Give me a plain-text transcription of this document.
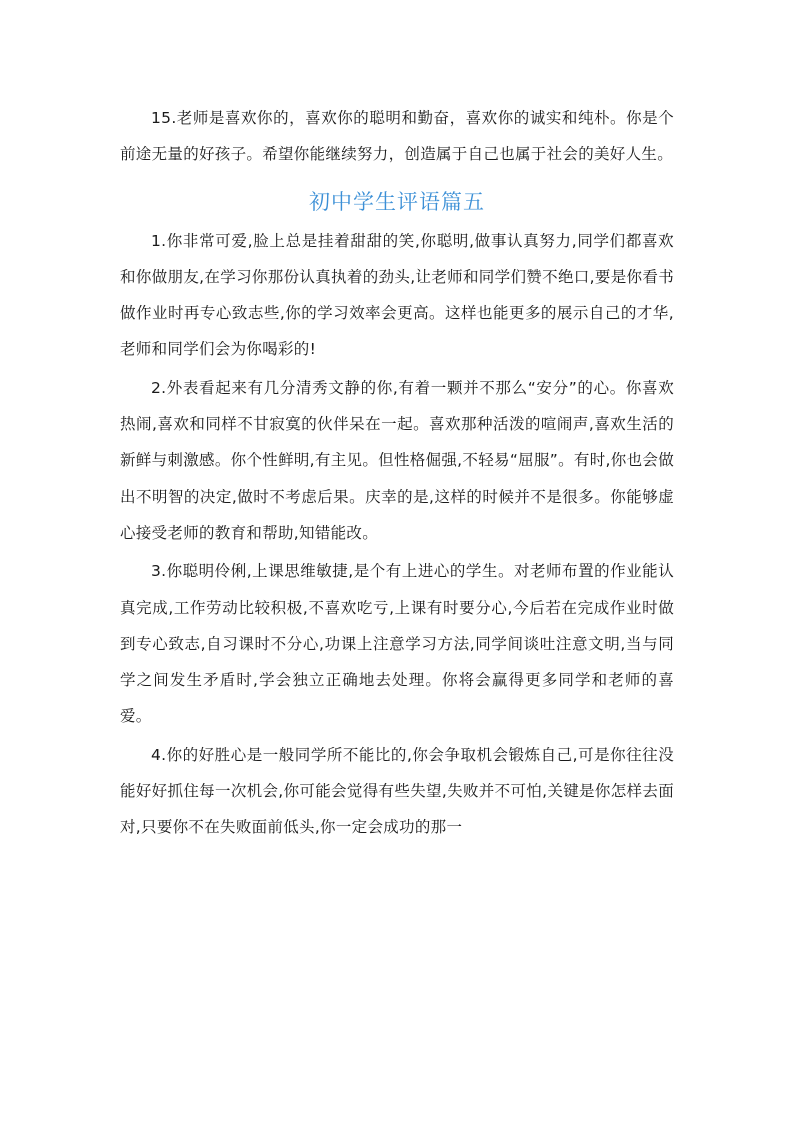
15.老师是喜欢你的，喜欢你的聪明和勤奋，喜欢你的诚实和纯朴。你是个前途无量的好孩子。希望你能继续努力，创造属于自己也属于社会的美好人生。

初中学生评语篇五

1.你非常可爱,脸上总是挂着甜甜的笑,你聪明,做事认真努力,同学们都喜欢和你做朋友,在学习你那份认真执着的劲头,让老师和同学们赞不绝口,要是你看书做作业时再专心致志些,你的学习效率会更高。这样也能更多的展示自己的才华,老师和同学们会为你喝彩的!

2.外表看起来有几分清秀文静的你,有着一颗并不那么“安分”的心。你喜欢热闹,喜欢和同样不甘寂寞的伙伴呆在一起。喜欢那种活泼的喧闹声,喜欢生活的新鲜与刺激感。你个性鲜明,有主见。但性格倔强,不轻易“屈服”。有时,你也会做出不明智的决定,做时不考虑后果。庆幸的是,这样的时候并不是很多。你能够虚心接受老师的教育和帮助,知错能改。

3.你聪明伶俐,上课思维敏捷,是个有上进心的学生。对老师布置的作业能认真完成,工作劳动比较积极,不喜欢吃亏,上课有时要分心,今后若在完成作业时做到专心致志,自习课时不分心,功课上注意学习方法,同学间谈吐注意文明,当与同学之间发生矛盾时,学会独立正确地去处理。你将会赢得更多同学和老师的喜爱。

4.你的好胜心是一般同学所不能比的,你会争取机会锻炼自己,可是你往往没能好好抓住每一次机会,你可能会觉得有些失望,失败并不可怕,关键是你怎样去面对,只要你不在失败面前低头,你一定会成功的那一
